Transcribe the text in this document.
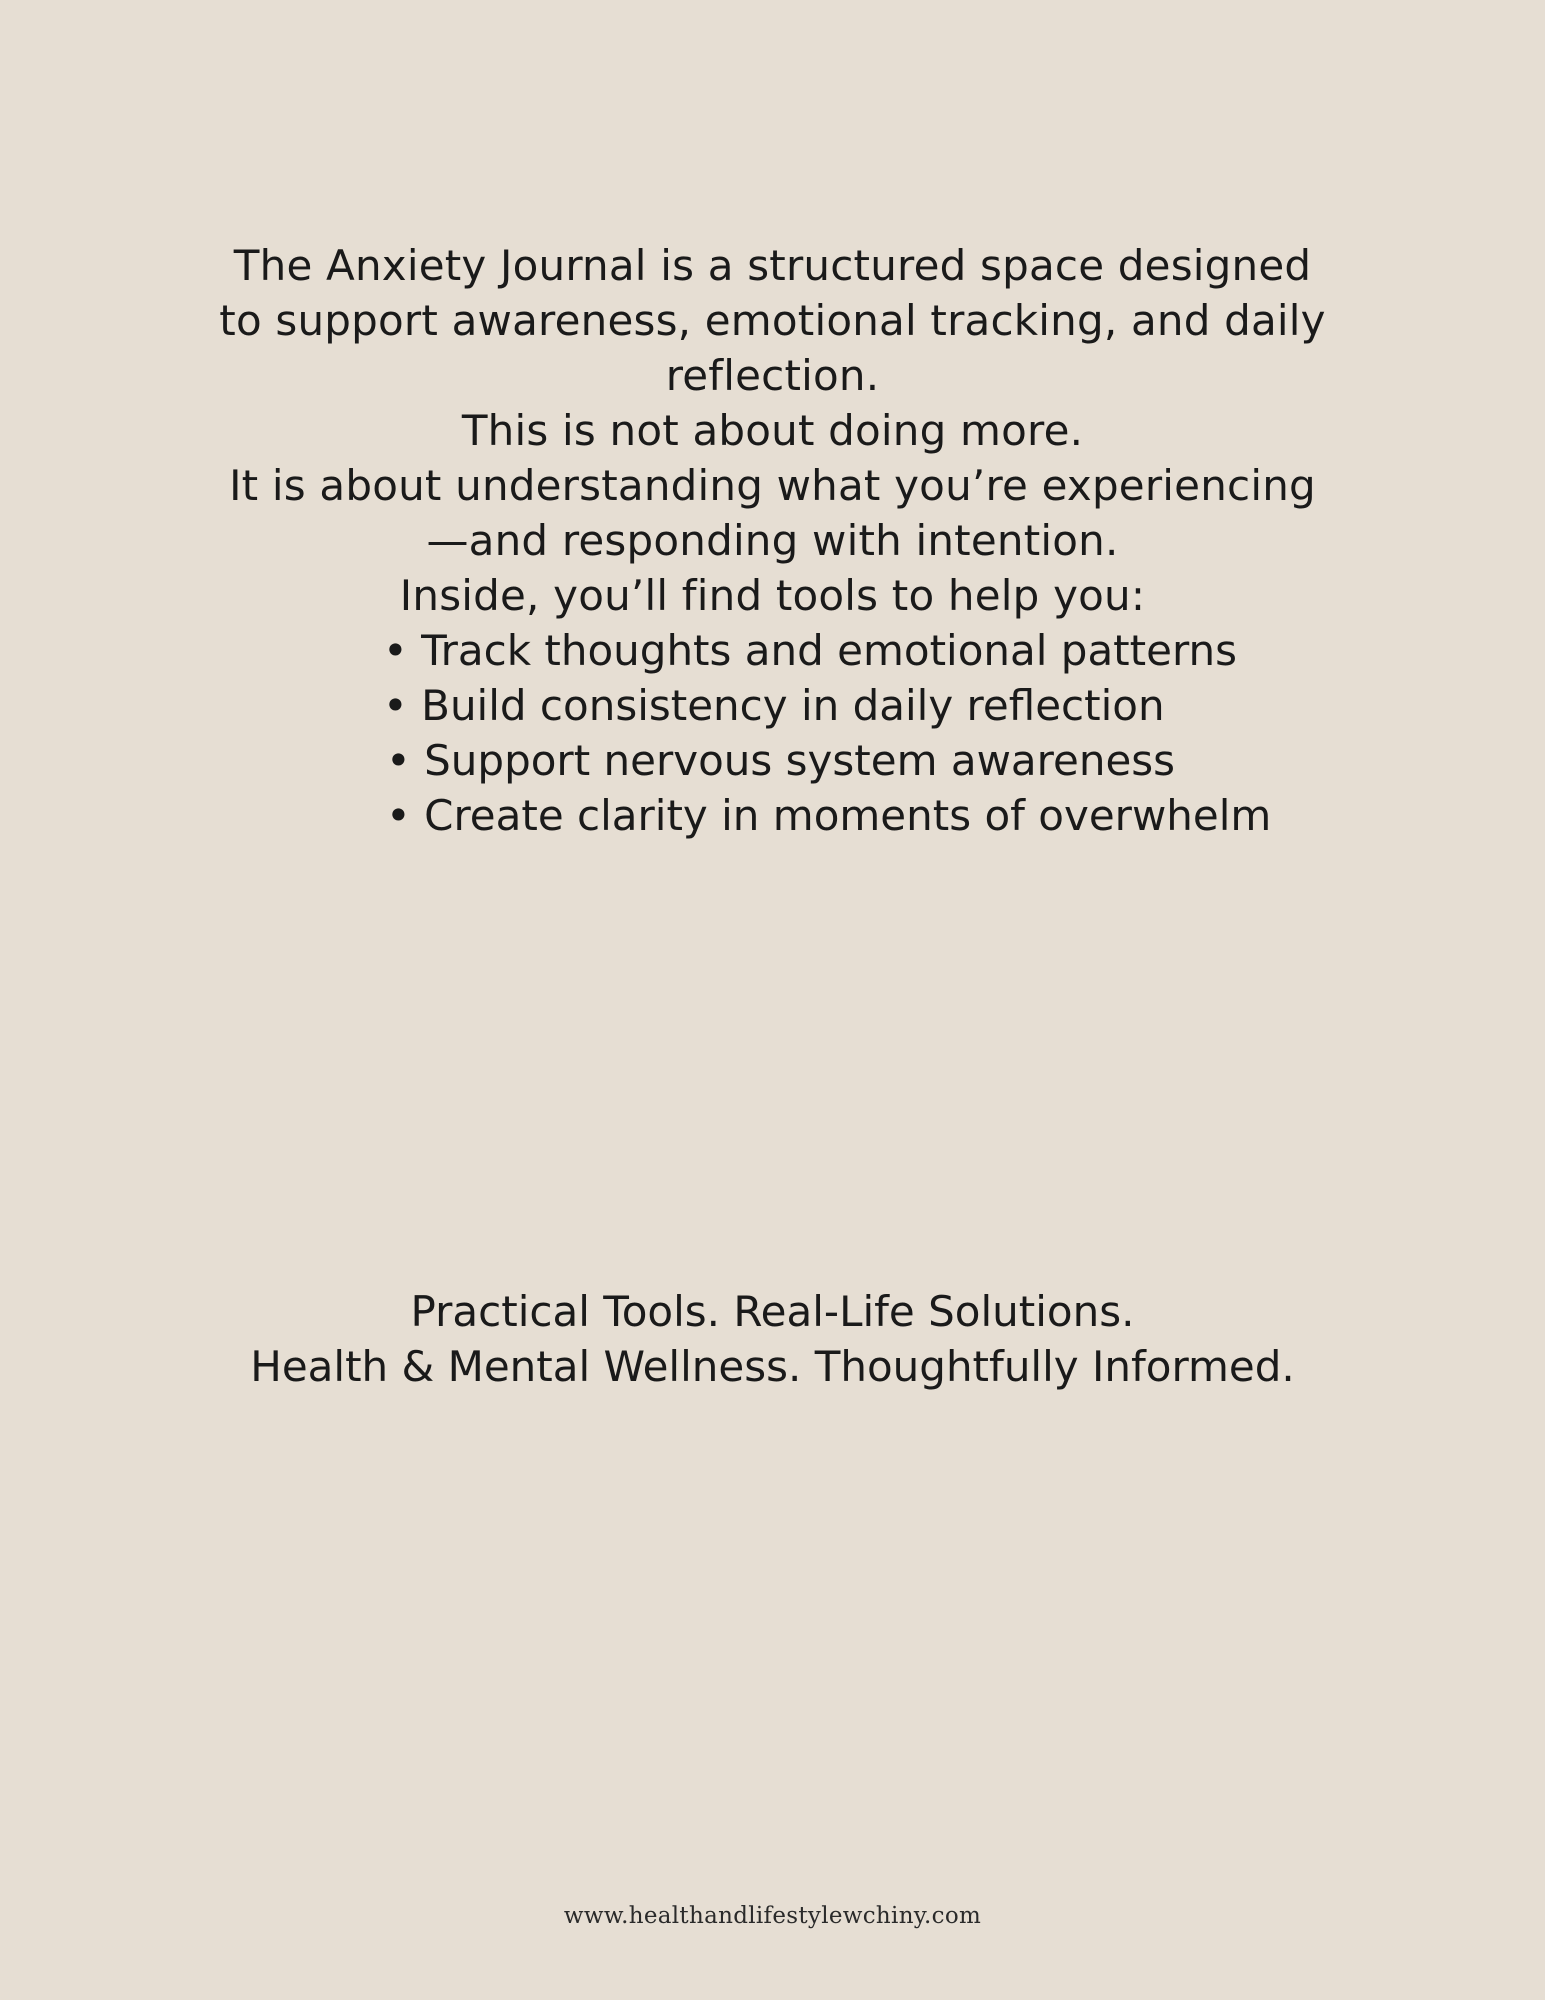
The Anxiety Journal is a structured space designed
to support awareness, emotional tracking, and daily
reflection.
This is not about doing more.
It is about understanding what you’re experiencing
—and responding with intention.
Inside, you’ll find tools to help you:
• Track thoughts and emotional patterns
• Build consistency in daily reflection
• Support nervous system awareness
• Create clarity in moments of overwhelm
Practical Tools. Real-Life Solutions.
Health & Mental Wellness. Thoughtfully Informed.
www.healthandlifestylewchiny.com
